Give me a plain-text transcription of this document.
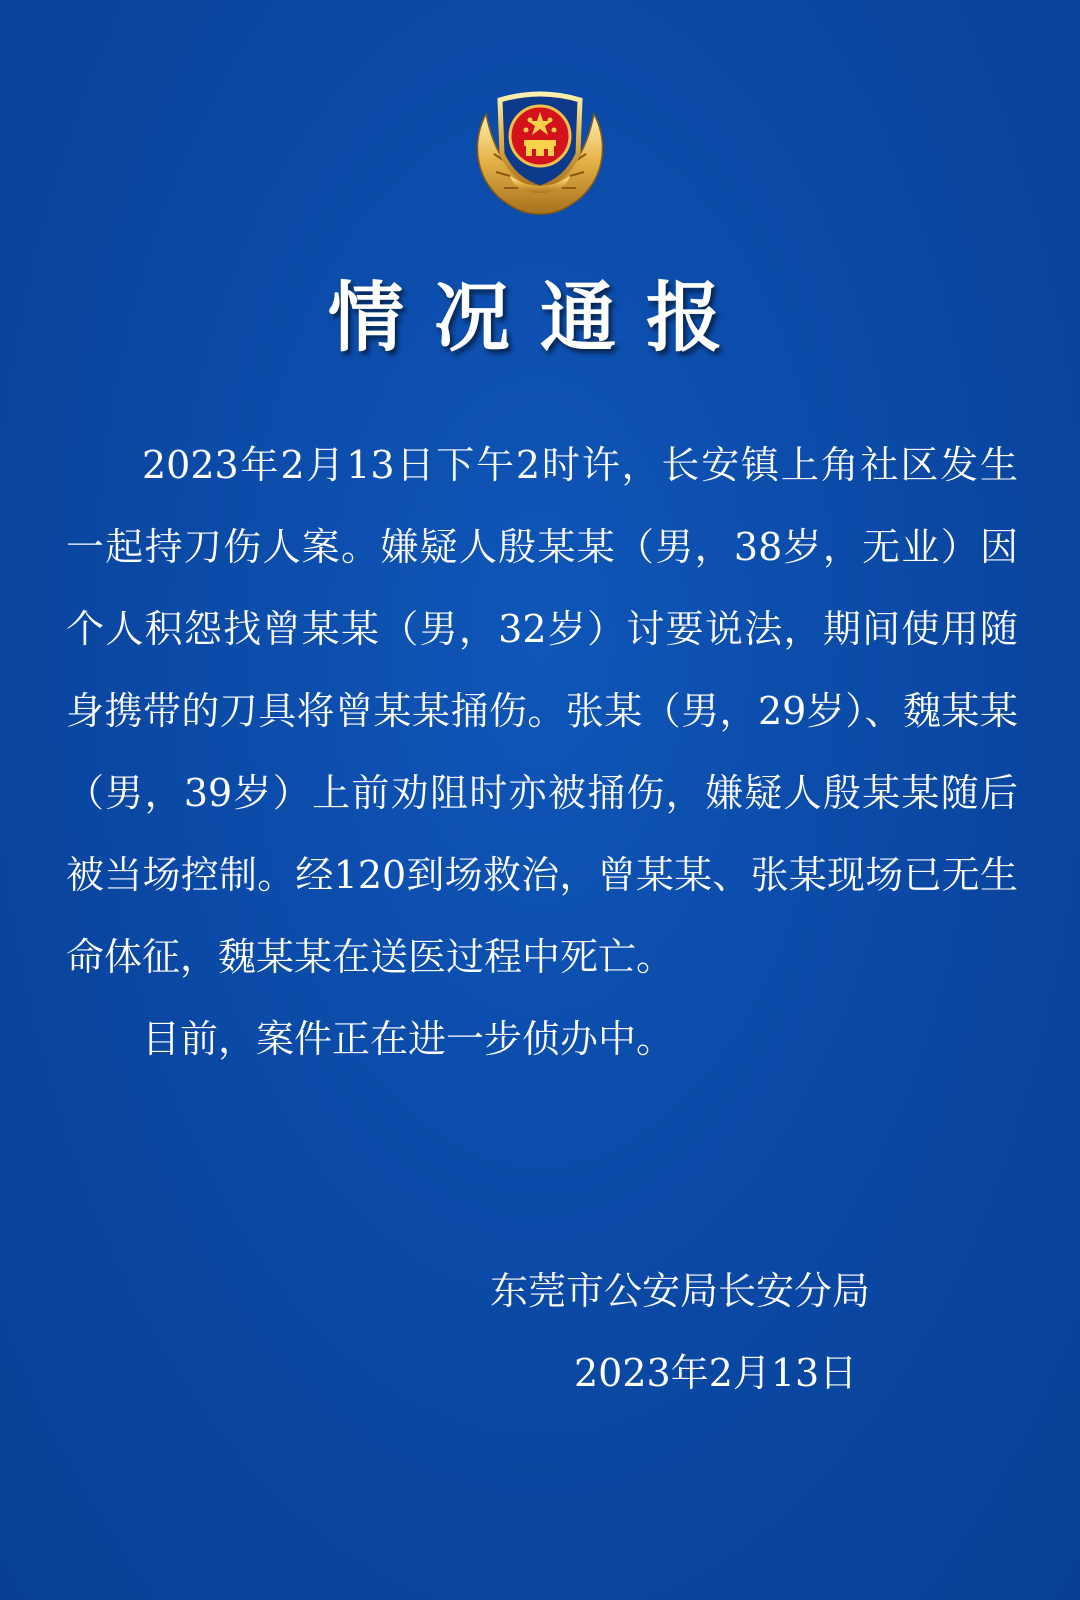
情况通报

2023年2月13日下午2时许，长安镇上角社区发生一起持刀伤人案。嫌疑人殷某某（男，38岁，无业）因个人积怨找曾某某（男，32岁）讨要说法，期间使用随身携带的刀具将曾某某捅伤。张某（男，29岁）、魏某某（男，39岁）上前劝阻时亦被捅伤，嫌疑人殷某某随后被当场控制。经120到场救治，曾某某、张某现场已无生命体征，魏某某在送医过程中死亡。

目前，案件正在进一步侦办中。

东莞市公安局长安分局
2023年2月13日
